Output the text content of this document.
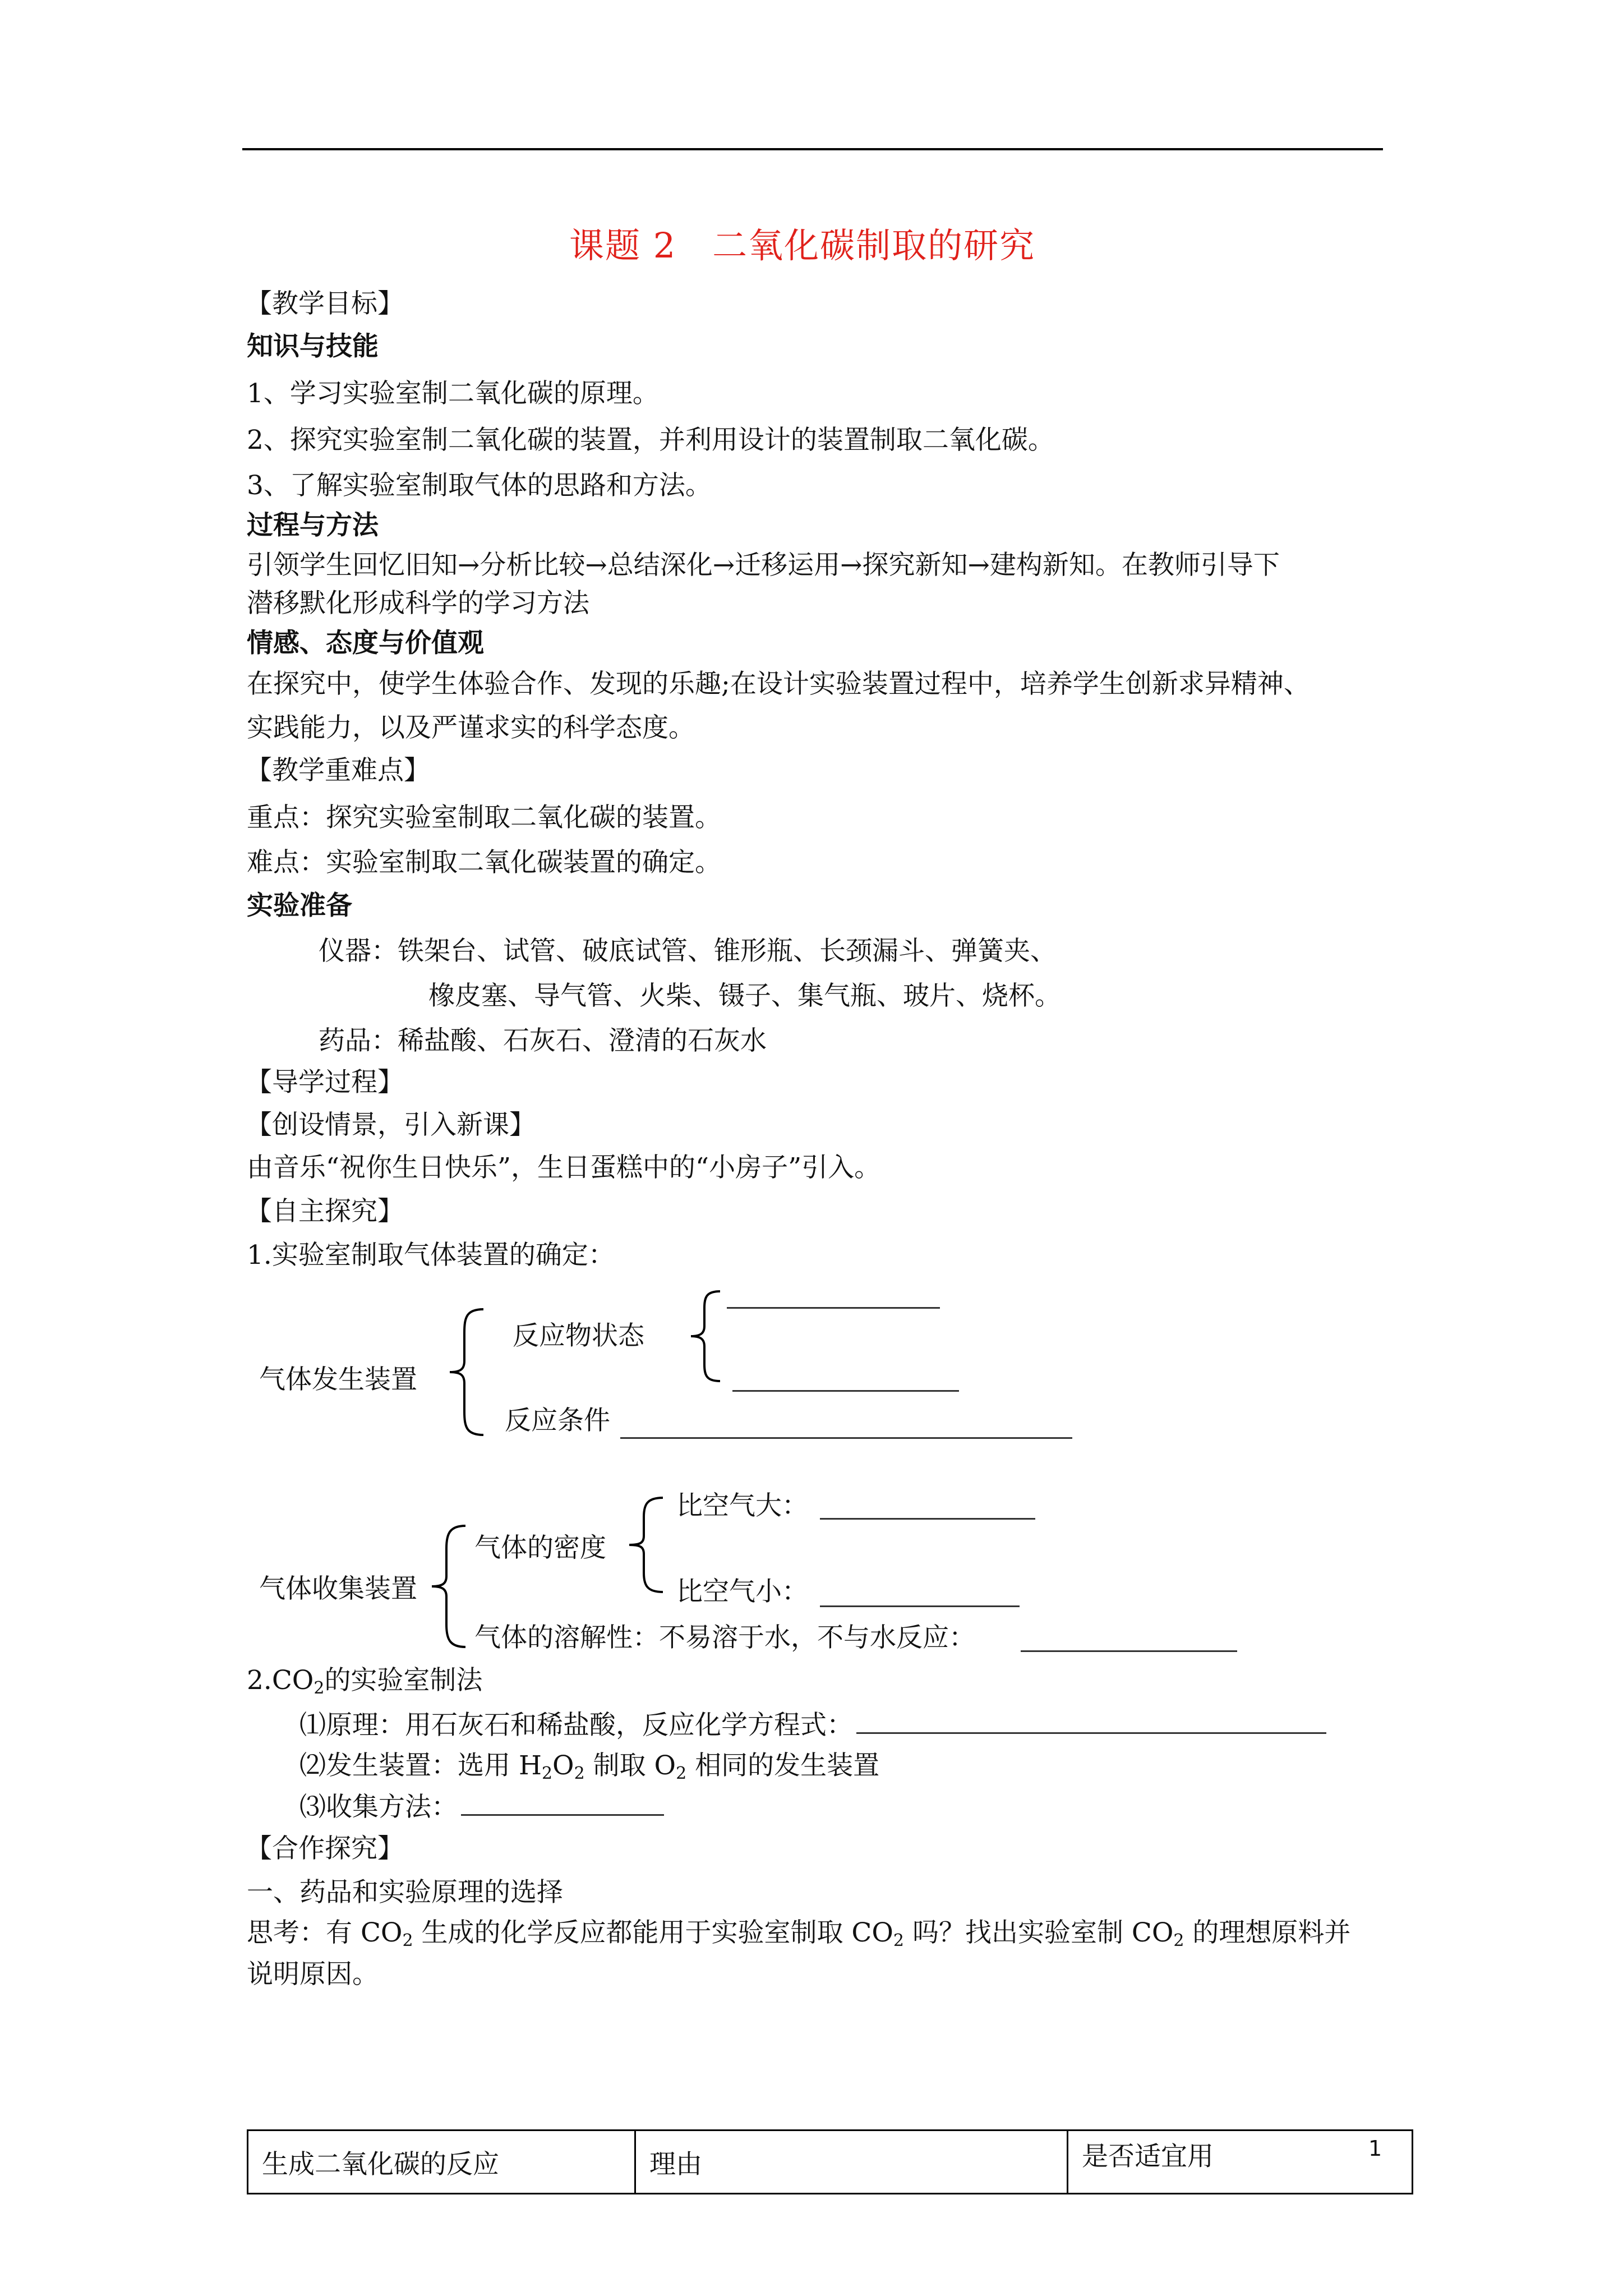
课题 2　二氧化碳制取的研究
【教学目标】
知识与技能
1、学习实验室制二氧化碳的原理。
2、探究实验室制二氧化碳的装置，并利用设计的装置制取二氧化碳。
3、了解实验室制取气体的思路和方法。
过程与方法
引领学生回忆旧知→分析比较→总结深化→迁移运用→探究新知→建构新知。在教师引导下
潜移默化形成科学的学习方法
情感、态度与价值观
在探究中，使学生体验合作、发现的乐趣;在设计实验装置过程中，培养学生创新求异精神、
实践能力，以及严谨求实的科学态度。
【教学重难点】
重点：探究实验室制取二氧化碳的装置。
难点：实验室制取二氧化碳装置的确定。
实验准备
仪器：铁架台、试管、破底试管、锥形瓶、长颈漏斗、弹簧夹、
橡皮塞、导气管、火柴、镊子、集气瓶、玻片、烧杯。
药品：稀盐酸、石灰石、澄清的石灰水
【导学过程】
【创设情景，引入新课】
由音乐“祝你生日快乐”，生日蛋糕中的“小房子”引入。
【自主探究】
1.实验室制取气体装置的确定：
气体发生装置
反应物状态
反应条件
气体收集装置
气体的密度
比空气大：
比空气小：
气体的溶解性：不易溶于水，不与水反应：
$2.CO_2$的实验室制法
⑴原理：用石灰石和稀盐酸，反应化学方程式：
⑵发生装置：选用 $H_2O_2$ 制取 $O_2$ 相同的发生装置
⑶收集方法：
【合作探究】
一、药品和实验原理的选择
思考：有 $CO_2$ 生成的化学反应都能用于实验室制取 $CO_2$ 吗？找出实验室制 $CO_2$ 的理想原料并
说明原因。
生成二氧化碳的反应	理由	是否适宜用	1
